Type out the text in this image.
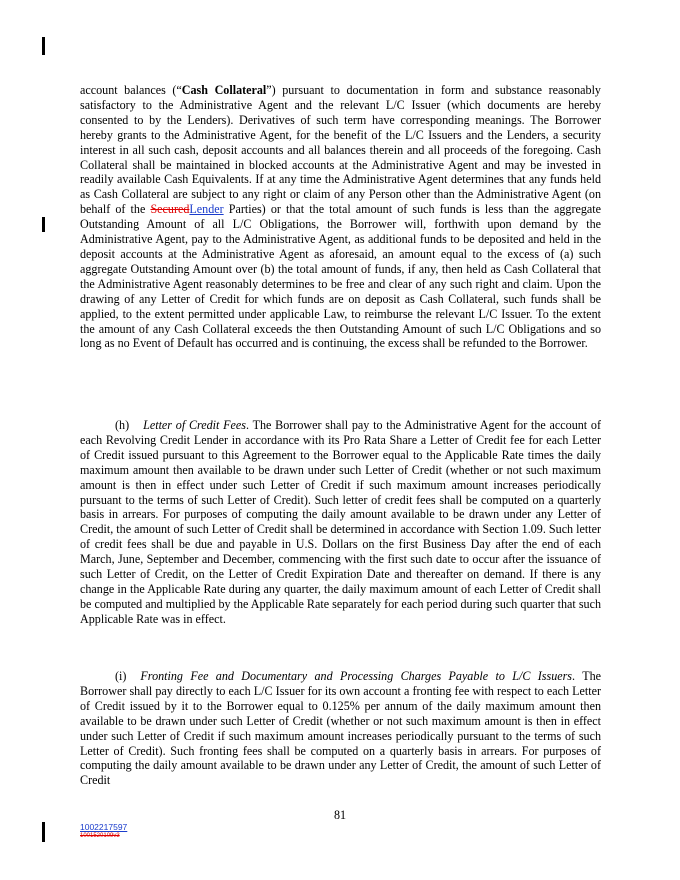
account balances (“Cash Collateral”) pursuant to documentation in form and substance reasonably satisfactory to the Administrative Agent and the relevant L/C Issuer (which documents are hereby consented to by the Lenders). Derivatives of such term have corresponding meanings. The Borrower hereby grants to the Administrative Agent, for the benefit of the L/C Issuers and the Lenders, a security interest in all such cash, deposit accounts and all balances therein and all proceeds of the foregoing. Cash Collateral shall be maintained in blocked accounts at the Administrative Agent and may be invested in readily available Cash Equivalents. If at any time the Administrative Agent determines that any funds held as Cash Collateral are subject to any right or claim of any Person other than the Administrative Agent (on behalf of the SecuredLender Parties) or that the total amount of such funds is less than the aggregate Outstanding Amount of all L/C Obligations, the Borrower will, forthwith upon demand by the Administrative Agent, pay to the Administrative Agent, as additional funds to be deposited and held in the deposit accounts at the Administrative Agent as aforesaid, an amount equal to the excess of (a) such aggregate Outstanding Amount over (b) the total amount of funds, if any, then held as Cash Collateral that the Administrative Agent reasonably determines to be free and clear of any such right and claim. Upon the drawing of any Letter of Credit for which funds are on deposit as Cash Collateral, such funds shall be applied, to the extent permitted under applicable Law, to reimburse the relevant L/C Issuer. To the extent the amount of any Cash Collateral exceeds the then Outstanding Amount of such L/C Obligations and so long as no Event of Default has occurred and is continuing, the excess shall be refunded to the Borrower.

(h) Letter of Credit Fees. The Borrower shall pay to the Administrative Agent for the account of each Revolving Credit Lender in accordance with its Pro Rata Share a Letter of Credit fee for each Letter of Credit issued pursuant to this Agreement to the Borrower equal to the Applicable Rate times the daily maximum amount then available to be drawn under such Letter of Credit (whether or not such maximum amount is then in effect under such Letter of Credit if such maximum amount increases periodically pursuant to the terms of such Letter of Credit). Such letter of credit fees shall be computed on a quarterly basis in arrears. For purposes of computing the daily amount available to be drawn under any Letter of Credit, the amount of such Letter of Credit shall be determined in accordance with Section 1.09. Such letter of credit fees shall be due and payable in U.S. Dollars on the first Business Day after the end of each March, June, September and December, commencing with the first such date to occur after the issuance of such Letter of Credit, on the Letter of Credit Expiration Date and thereafter on demand. If there is any change in the Applicable Rate during any quarter, the daily maximum amount of each Letter of Credit shall be computed and multiplied by the Applicable Rate separately for each period during such quarter that such Applicable Rate was in effect.

(i) Fronting Fee and Documentary and Processing Charges Payable to L/C Issuers. The Borrower shall pay directly to each L/C Issuer for its own account a fronting fee with respect to each Letter of Credit issued by it to the Borrower equal to 0.125% per annum of the daily maximum amount then available to be drawn under such Letter of Credit (whether or not such maximum amount is then in effect under such Letter of Credit if such maximum amount increases periodically pursuant to the terms of such Letter of Credit). Such fronting fees shall be computed on a quarterly basis in arrears. For purposes of computing the daily amount available to be drawn under any Letter of Credit, the amount of such Letter of Credit

81
1002217597
1001520109v3
